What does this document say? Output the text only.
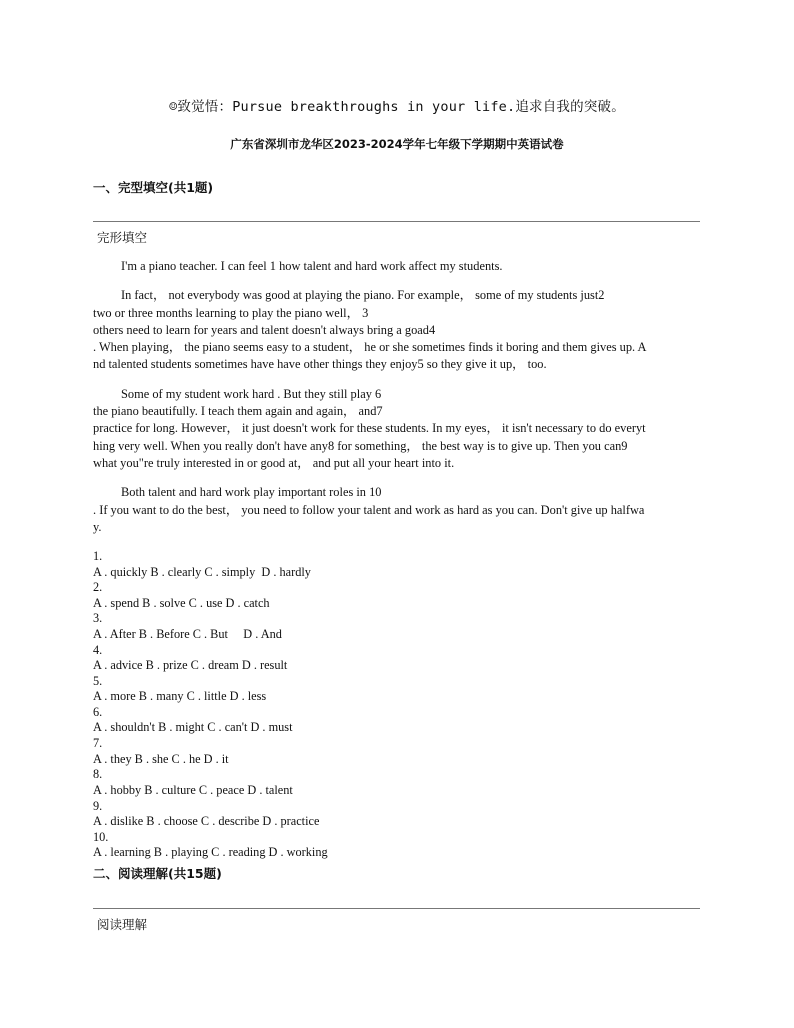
☺致觉悟：Pursue breakthroughs in your life.追求自我的突破。
广东省深圳市龙华区2023-2024学年七年级下学期期中英语试卷
一、完型填空(共1题)
完形填空

I'm a piano teacher. I can feel 1 how talent and hard work affect my students.

In fact， not everybody was good at playing the piano. For example， some of my students just2
two or three months learning to play the piano well， 3
others need to learn for years and talent doesn't always bring a goad4
. When playing， the piano seems easy to a student， he or she sometimes finds it boring and them gives up. A
nd talented students sometimes have have other things they enjoy5 so they give it up， too.

Some of my student work hard . But they still play 6
the piano beautifully. I teach them again and again， and7
practice for long. However， it just doesn't work for these students. In my eyes， it isn't necessary to do everyt
hing very well. When you really don't have any8 for something， the best way is to give up. Then you can9
what you"re truly interested in or good at， and put all your heart into it.

Both talent and hard work play important roles in 10
. If you want to do the best， you need to follow your talent and work as hard as you can. Don't give up halfwa
y.

1.
A . quickly B . clearly C . simply  D . hardly
2.
A . spend B . solve C . use D . catch
3.
A . After B . Before C . But     D . And
4.
A . advice B . prize C . dream D . result
5.
A . more B . many C . little D . less
6.
A . shouldn't B . might C . can't D . must
7.
A . they B . she C . he D . it
8.
A . hobby B . culture C . peace D . talent
9.
A . dislike B . choose C . describe D . practice
10.
A . learning B . playing C . reading D . working
二、阅读理解(共15题)
阅读理解
